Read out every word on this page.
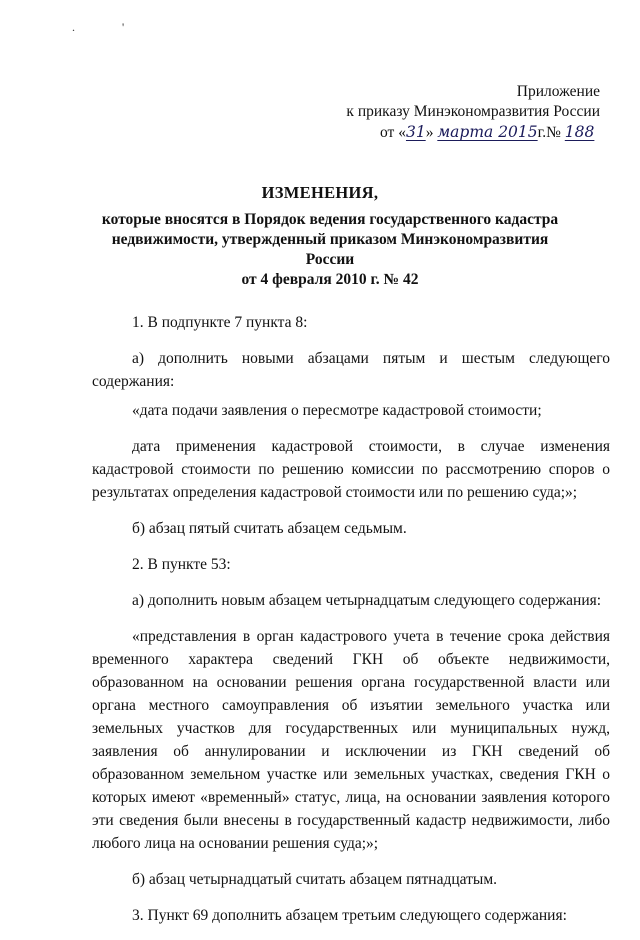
. '
Приложение
к приказу Минэкономразвития России
от «31» марта 2015г.№ 188
ИЗМЕНЕНИЯ,
которые вносятся в Порядок ведения государственного кадастра
недвижимости, утвержденный приказом Минэкономразвития России
от 4 февраля 2010 г. № 42

1. В подпункте 7 пункта 8:

а) дополнить новыми абзацами пятым и шестым следующего содержания:

«дата подачи заявления о пересмотре кадастровой стоимости;

дата применения кадастровой стоимости, в случае изменения кадастровой стоимости по решению комиссии по рассмотрению споров о результатах определения кадастровой стоимости или по решению суда;»;

б) абзац пятый считать абзацем седьмым.

2. В пункте 53:

а) дополнить новым абзацем четырнадцатым следующего содержания:

«представления в орган кадастрового учета в течение срока действия временного характера сведений ГКН об объекте недвижимости, образованном на основании решения органа государственной власти или органа местного самоуправления об изъятии земельного участка или земельных участков для государственных или муниципальных нужд, заявления об аннулировании и исключении из ГКН сведений об образованном земельном участке или земельных участках, сведения ГКН о которых имеют «временный» статус, лица, на основании заявления которого эти сведения были внесены в государственный кадастр недвижимости, либо любого лица на основании решения суда;»;

б) абзац четырнадцатый считать абзацем пятнадцатым.

3. Пункт 69 дополнить абзацем третьим следующего содержания:
